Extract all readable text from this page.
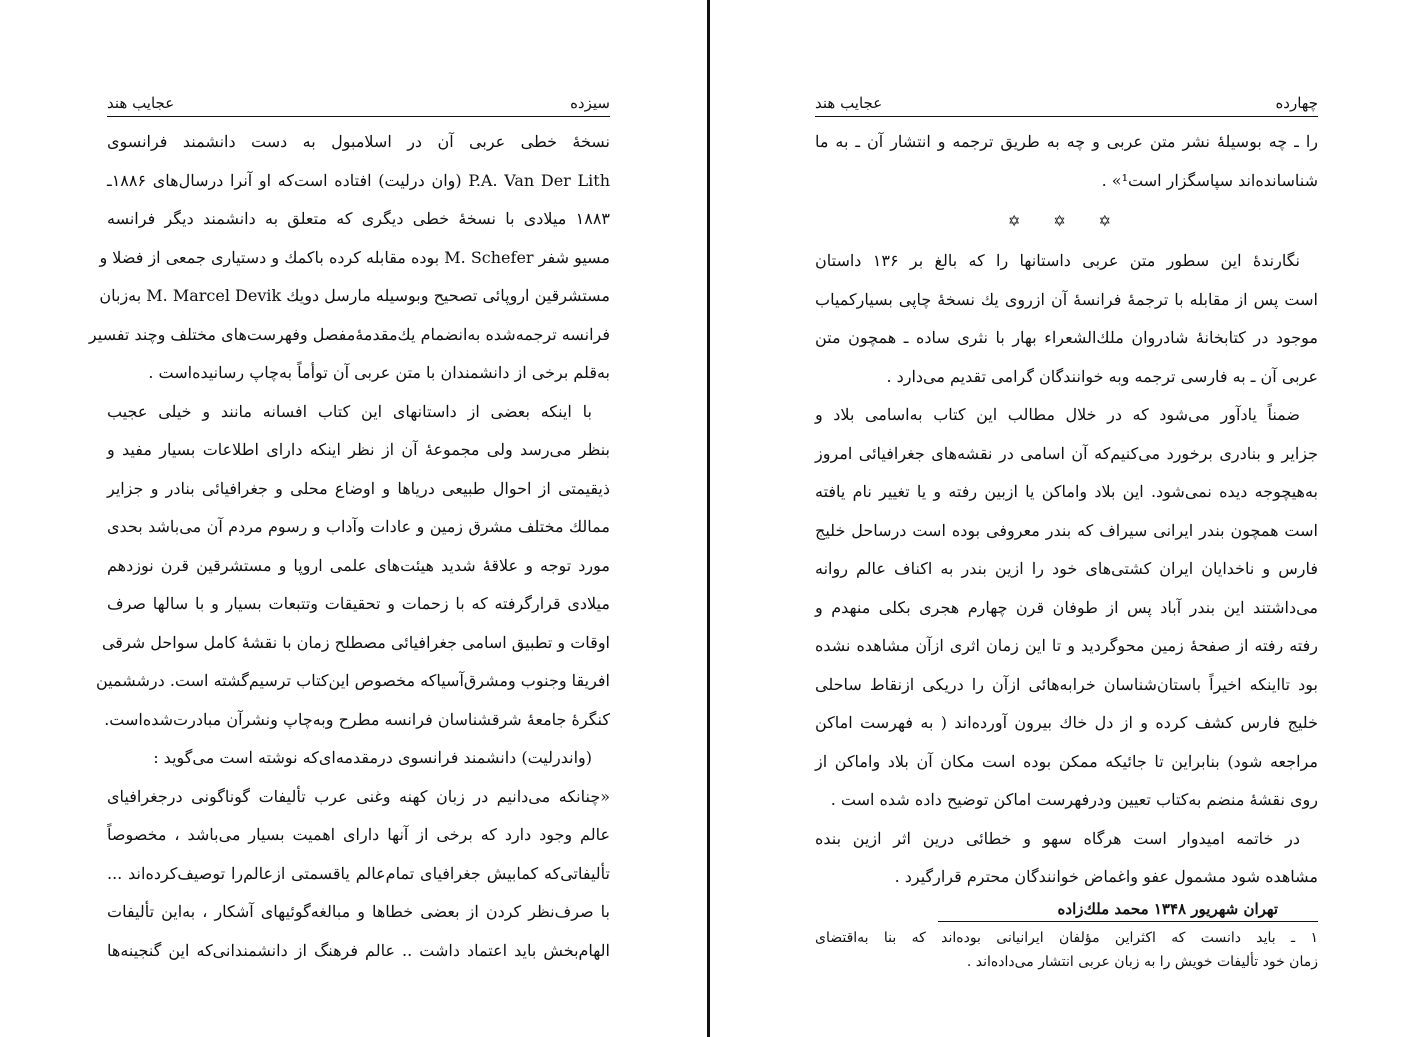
سیزده
عجایب هند
نسخهٔ خطی عربی آن در اسلامبول به دست دانشمند فرانسوی
P.A. Van Der Lith (وان درلیت) افتاده است‌که او آنرا درسال‌های ۱۸۸۶ـ
۱۸۸۳ میلادی با نسخهٔ خطی دیگری که متعلق به دانشمند دیگر فرانسه
مسیو شفر M. Schefer بوده مقابله کرده باکمك و دستیاری جمعی از فضلا و
مستشرقین اروپائی تصحیح وبوسیله مارسل دویك M. Marcel Devik به‌زبان
فرانسه ترجمه‌شده به‌انضمام یك‌مقدمهٔ‌مفصل وفهرست‌های مختلف وچند تفسیر
به‌قلم برخی از دانشمندان با متن عربی آن توأماً به‌چاپ رسانیده‌است .
با اینکه بعضی از داستانهای این کتاب افسانه مانند و خیلی عجیب
بنظر می‌رسد ولی مجموعهٔ آن از نظر اینکه دارای اطلاعات بسیار مفید و
ذیقیمتی از احوال طبیعی دریاها و اوضاع محلی و جغرافیائی بنادر و جزایر
ممالك مختلف مشرق زمین و عادات وآداب و رسوم مردم آن می‌باشد بحدی
مورد توجه و علاقهٔ شدید هیئت‌های علمی اروپا و مستشرقین قرن نوزدهم
میلادی قرارگرفته که با زحمات و تحقیقات وتتبعات بسیار و با سالها صرف
اوقات و تطبیق اسامی جغرافیائی مصطلح زمان با نقشهٔ کامل سواحل شرقی
افریقا وجنوب ومشرق‌آسیاکه مخصوص این‌کتاب ترسیم‌گشته است. درششمین
کنگرهٔ جامعهٔ شرقشناسان فرانسه مطرح وبه‌چاپ ونشرآن مبادرت‌شده‌است.
(واندرلیت) دانشمند فرانسوی درمقدمه‌ای‌که نوشته است می‌گوید :
«چنانکه می‌دانیم در زبان کهنه وغنی عرب تألیفات گوناگونی درجغرافیای
عالم وجود دارد که برخی از آنها دارای اهمیت بسیار می‌باشد ، مخصوصاً
تألیفاتی‌که کمابیش جغرافیای تمام‌عالم یاقسمتی ازعالم‌را توصیف‌کرده‌اند ...
با صرف‌نظر کردن از بعضی خطاها و مبالغه‌گوئیهای آشکار ، به‌این تألیفات
الهام‌بخش باید اعتماد داشت .. عالم فرهنگ از دانشمندانی‌که این گنجینه‌ها
چهارده
عجایب هند
را ـ چه بوسیلهٔ نشر متن عربی و چه به طریق ترجمه و انتشار آن ـ به ما
شناسانده‌اند سپاسگزار است¹» .
✡ ✡ ✡
نگارندهٔ این سطور متن عربی داستانها را که بالغ بر ۱۳۶ داستان
است پس از مقابله با ترجمهٔ فرانسهٔ آن ازروی یك نسخهٔ چاپی بسیارکمیاب
موجود در کتابخانهٔ شادروان ملك‌الشعراء بهار با نثری ساده ـ همچون متن
عربی آن ـ به فارسی ترجمه وبه خوانندگان گرامی تقدیم می‌دارد .
ضمناً یادآور می‌شود که در خلال مطالب این کتاب به‌اسامی بلاد و
جزایر و بنادری برخورد می‌کنیم‌که آن اسامی در نقشه‌های جغرافیائی امروز
به‌هیچوجه دیده نمی‌شود. این بلاد واماکن یا ازبین رفته و یا تغییر نام یافته
است همچون بندر ایرانی سیراف که بندر معروفی بوده است درساحل خلیج
فارس و ناخدایان ایران کشتی‌های خود را ازین بندر به اکناف عالم روانه
می‌داشتند این بندر آباد پس از طوفان قرن چهارم هجری بکلی منهدم و
رفته رفته از صفحهٔ زمین محوگردید و تا این زمان اثری ازآن مشاهده نشده
بود تااینکه اخیراً باستان‌شناسان خرابه‌هائی ازآن را دریکی ازنقاط ساحلی
خلیج فارس کشف کرده و از دل خاك بیرون آورده‌اند ( به فهرست اماکن
مراجعه شود) بنابراین تا جائیکه ممکن بوده است مکان آن بلاد واماکن از
روی نقشهٔ منضم به‌کتاب تعیین ودرفهرست اماکن توضیح داده شده است .
در خاتمه امیدوار است هرگاه سهو و خطائی درین اثر ازین بنده
مشاهده شود مشمول عفو واغماض خوانندگان محترم قرارگیرد .
تهران شهریور ۱۳۴۸ محمد ملك‌زاده
۱ ـ باید دانست که اکثراین مؤلفان ایرانیانی بوده‌اند که بنا به‌اقتضای
زمان خود تألیفات خویش را به زبان عربی انتشار می‌داده‌اند .
